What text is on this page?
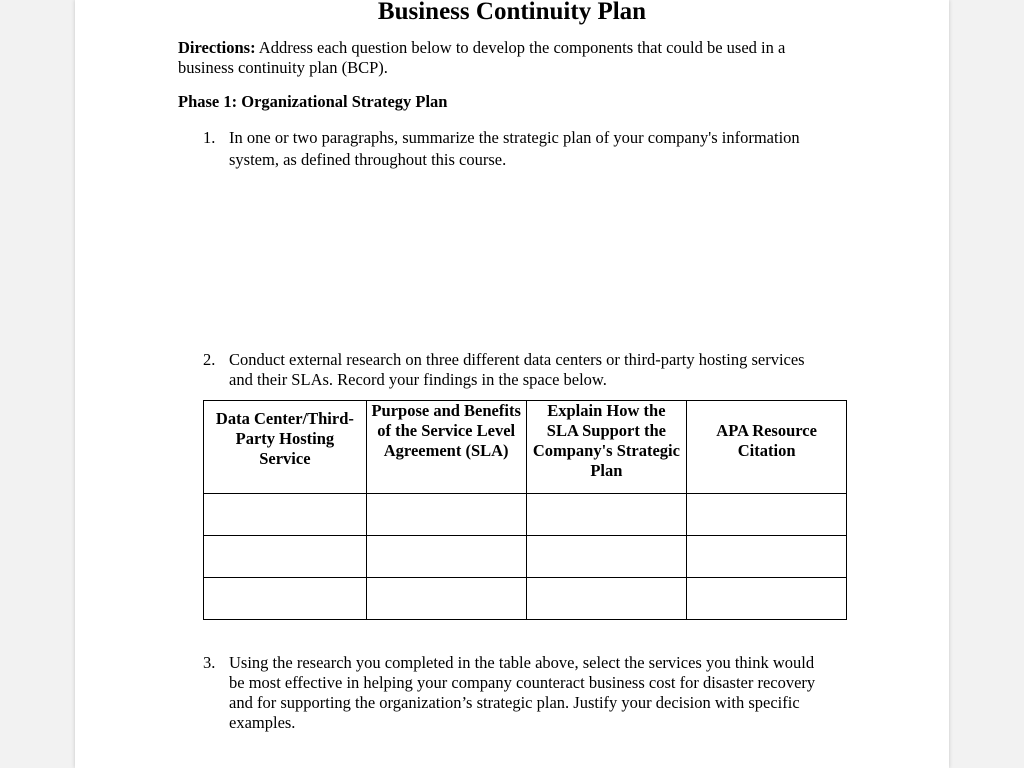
Business Continuity Plan
Directions: Address each question below to develop the components that could be used in a business continuity plan (BCP).
Phase 1: Organizational Strategy Plan
1. In one or two paragraphs, summarize the strategic plan of your company's information system, as defined throughout this course.
2. Conduct external research on three different data centers or third-party hosting services and their SLAs. Record your findings in the space below.
Data Center/Third-Party Hosting Service	Purpose and Benefits of the Service Level Agreement (SLA)	Explain How the SLA Support the Company's Strategic Plan	APA Resource Citation

3. Using the research you completed in the table above, select the services you think would be most effective in helping your company counteract business cost for disaster recovery and for supporting the organization’s strategic plan. Justify your decision with specific examples.
